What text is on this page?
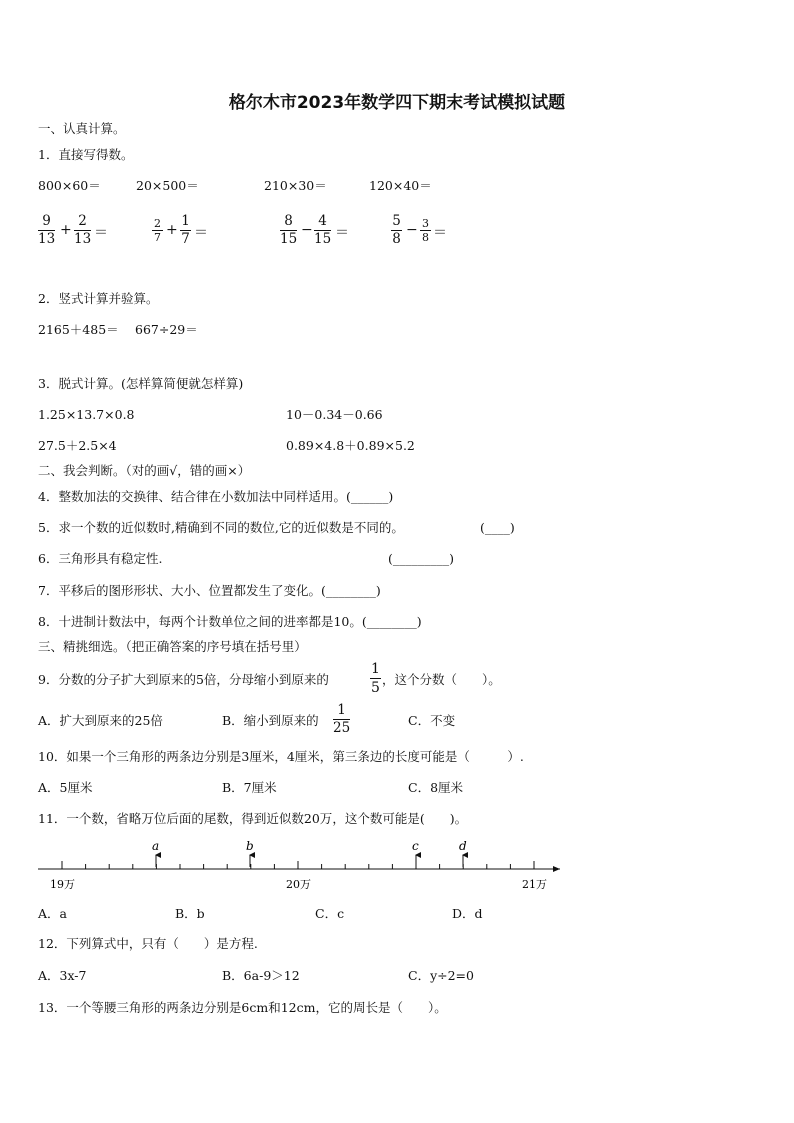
格尔木市2023年数学四下期末考试模拟试题
一、认真计算。
1．直接写得数。
800×60＝	20×500＝	210×30＝	120×40＝
9
13
+
2
13 ＝
2
7 +
1
7 ＝
8
15
−
4
15 ＝
5
8
− 3
8 ＝
2．竖式计算并验算。
2165＋485＝ 667÷29＝
3．脱式计算。(怎样算简便就怎样算)
1.25×13.7×0.8	10－0.34－0.66
27.5＋2.5×4	0.89×4.8＋0.89×5.2
二、我会判断。（对的画√，错的画×）
4．整数加法的交换律、结合律在小数加法中同样适用。(______)
5．求一个数的近似数时,精确到不同的数位,它的近似数是不同的。	(____)
6．三角形具有稳定性.	(_________)
7．平移后的图形形状、大小、位置都发生了变化。(________)
8．十进制计数法中，每两个计数单位之间的进率都是10。(________)
三、精挑细选。（把正确答案的序号填在括号里）
9．分数的分子扩大到原来的5倍，分母缩小到原来的
1
5
，这个分数（　　）。
A．扩大到原来的25倍	B．缩小到原来的
1
25	C．不变
10．如果一个三角形的两条边分别是3厘米，4厘米，第三条边的长度可能是（　　　）.
A．5厘米	B．7厘米	C．8厘米
11．一个数，省略万位后面的尾数，得到近似数20万，这个数可能是(　　)。
a	b	c	d
19万	20万	21万
A．a	B．b	C．c	D．d
12．下列算式中，只有（　　）是方程.
A．3x-7	B．6a-9＞12	C．y÷2=0
13．一个等腰三角形的两条边分别是6cm和12cm，它的周长是（　　）。
